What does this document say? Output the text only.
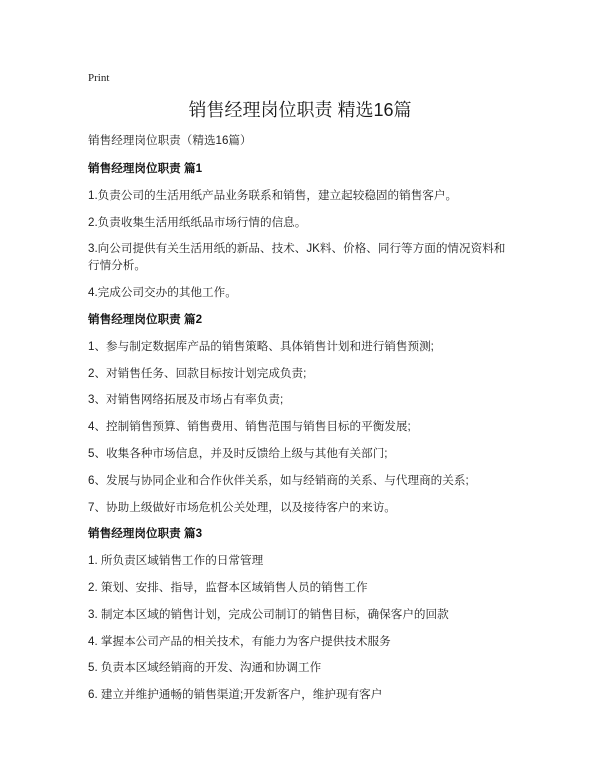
Print
销售经理岗位职责 精选16篇

销售经理岗位职责（精选16篇）

销售经理岗位职责 篇1

1.负责公司的生活用纸产品业务联系和销售，建立起较稳固的销售客户。

2.负责收集生活用纸纸品市场行情的信息。

3.向公司提供有关生活用纸的新品、技术、JK料、价格、同行等方面的情况资料和行情分析。

4.完成公司交办的其他工作。

销售经理岗位职责 篇2

1、参与制定数据库产品的销售策略、具体销售计划和进行销售预测;

2、对销售任务、回款目标按计划完成负责;

3、对销售网络拓展及市场占有率负责;

4、控制销售预算、销售费用、销售范围与销售目标的平衡发展;

5、收集各种市场信息，并及时反馈给上级与其他有关部门;

6、发展与协同企业和合作伙伴关系，如与经销商的关系、与代理商的关系;

7、协助上级做好市场危机公关处理，以及接待客户的来访。

销售经理岗位职责 篇3

1. 所负责区域销售工作的日常管理

2. 策划、安排、指导，监督本区域销售人员的销售工作

3. 制定本区域的销售计划，完成公司制订的销售目标，确保客户的回款

4. 掌握本公司产品的相关技术，有能力为客户提供技术服务

5. 负责本区域经销商的开发、沟通和协调工作

6. 建立并维护通畅的销售渠道;开发新客户，维护现有客户
